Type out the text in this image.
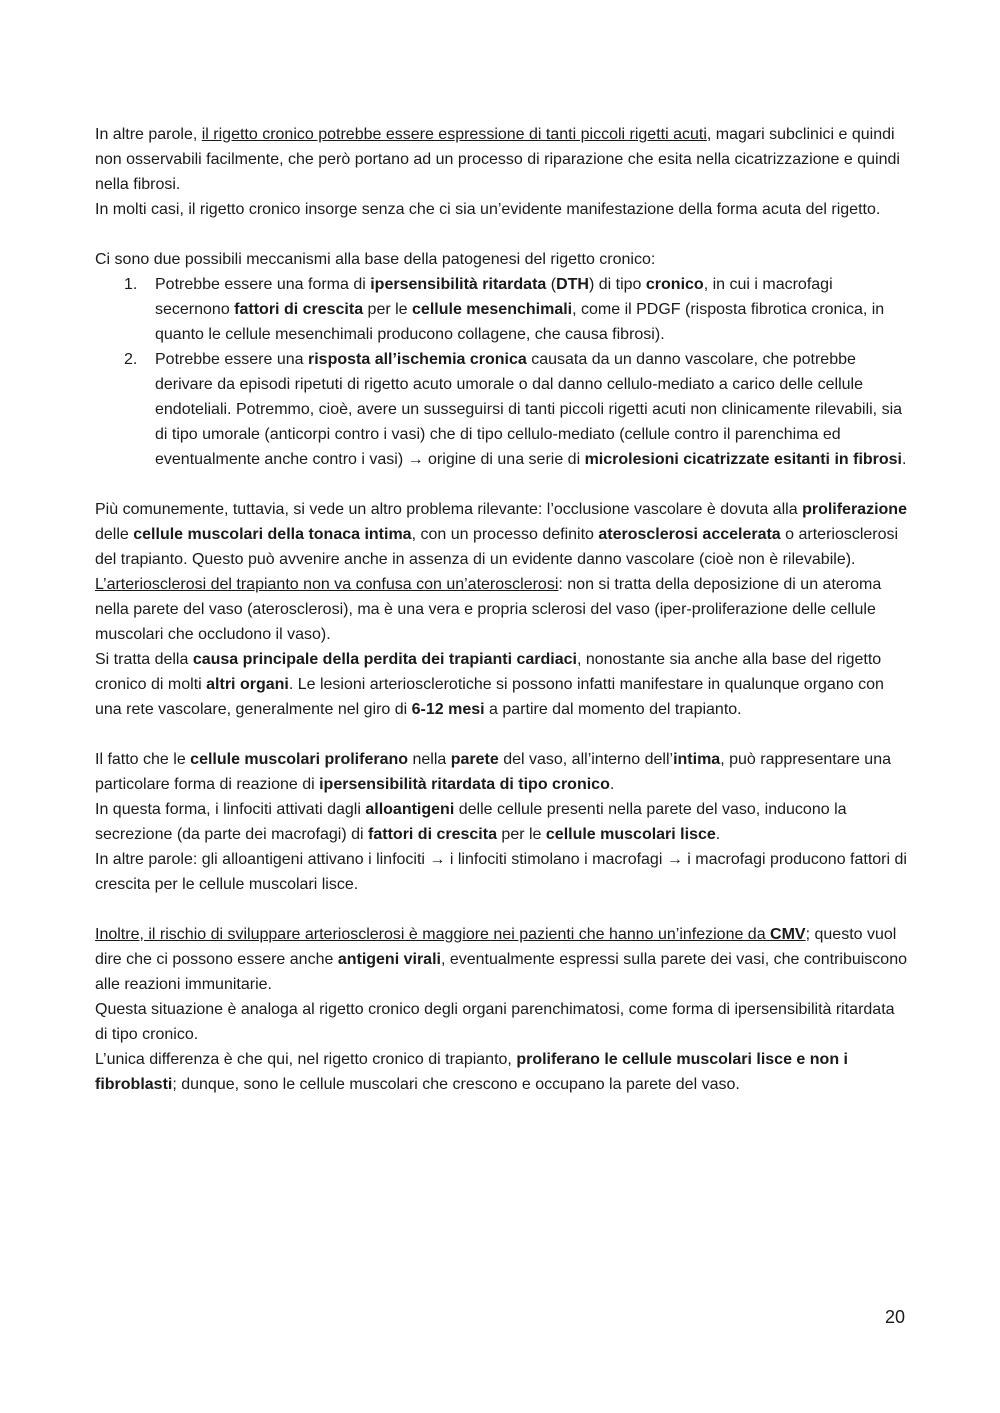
In altre parole, il rigetto cronico potrebbe essere espressione di tanti piccoli rigetti acuti, magari subclinici e quindi non osservabili facilmente, che però portano ad un processo di riparazione che esita nella cicatrizzazione e quindi nella fibrosi.

In molti casi, il rigetto cronico insorge senza che ci sia un’evidente manifestazione della forma acuta del rigetto.

Ci sono due possibili meccanismi alla base della patogenesi del rigetto cronico:

1. Potrebbe essere una forma di ipersensibilità ritardata (DTH) di tipo cronico, in cui i macrofagi secernono fattori di crescita per le cellule mesenchimali, come il PDGF (risposta fibrotica cronica, in quanto le cellule mesenchimali producono collagene, che causa fibrosi).
2. Potrebbe essere una risposta all’ischemia cronica causata da un danno vascolare, che potrebbe derivare da episodi ripetuti di rigetto acuto umorale o dal danno cellulo-mediato a carico delle cellule endoteliali. Potremmo, cioè, avere un susseguirsi di tanti piccoli rigetti acuti non clinicamente rilevabili, sia di tipo umorale (anticorpi contro i vasi) che di tipo cellulo-mediato (cellule contro il parenchima ed eventualmente anche contro i vasi) → origine di una serie di microlesioni cicatrizzate esitanti in fibrosi.

Più comunemente, tuttavia, si vede un altro problema rilevante: l’occlusione vascolare è dovuta alla proliferazione delle cellule muscolari della tonaca intima, con un processo definito aterosclerosi accelerata o arteriosclerosi del trapianto. Questo può avvenire anche in assenza di un evidente danno vascolare (cioè non è rilevabile).

L’arteriosclerosi del trapianto non va confusa con un’aterosclerosi: non si tratta della deposizione di un ateroma nella parete del vaso (aterosclerosi), ma è una vera e propria sclerosi del vaso (iper-proliferazione delle cellule muscolari che occludono il vaso).

Si tratta della causa principale della perdita dei trapianti cardiaci, nonostante sia anche alla base del rigetto cronico di molti altri organi. Le lesioni arteriosclerotiche si possono infatti manifestare in qualunque organo con una rete vascolare, generalmente nel giro di 6-12 mesi a partire dal momento del trapianto.

Il fatto che le cellule muscolari proliferano nella parete del vaso, all’interno dell’intima, può rappresentare una particolare forma di reazione di ipersensibilità ritardata di tipo cronico.

In questa forma, i linfociti attivati dagli alloantigeni delle cellule presenti nella parete del vaso, inducono la secrezione (da parte dei macrofagi) di fattori di crescita per le cellule muscolari lisce.

In altre parole: gli alloantigeni attivano i linfociti → i linfociti stimolano i macrofagi → i macrofagi producono fattori di crescita per le cellule muscolari lisce.

Inoltre, il rischio di sviluppare arteriosclerosi è maggiore nei pazienti che hanno un’infezione da CMV; questo vuol dire che ci possono essere anche antigeni virali, eventualmente espressi sulla parete dei vasi, che contribuiscono alle reazioni immunitarie.

Questa situazione è analoga al rigetto cronico degli organi parenchimatosi, come forma di ipersensibilità ritardata di tipo cronico.

L’unica differenza è che qui, nel rigetto cronico di trapianto, proliferano le cellule muscolari lisce e non i fibroblasti; dunque, sono le cellule muscolari che crescono e occupano la parete del vaso.

20
